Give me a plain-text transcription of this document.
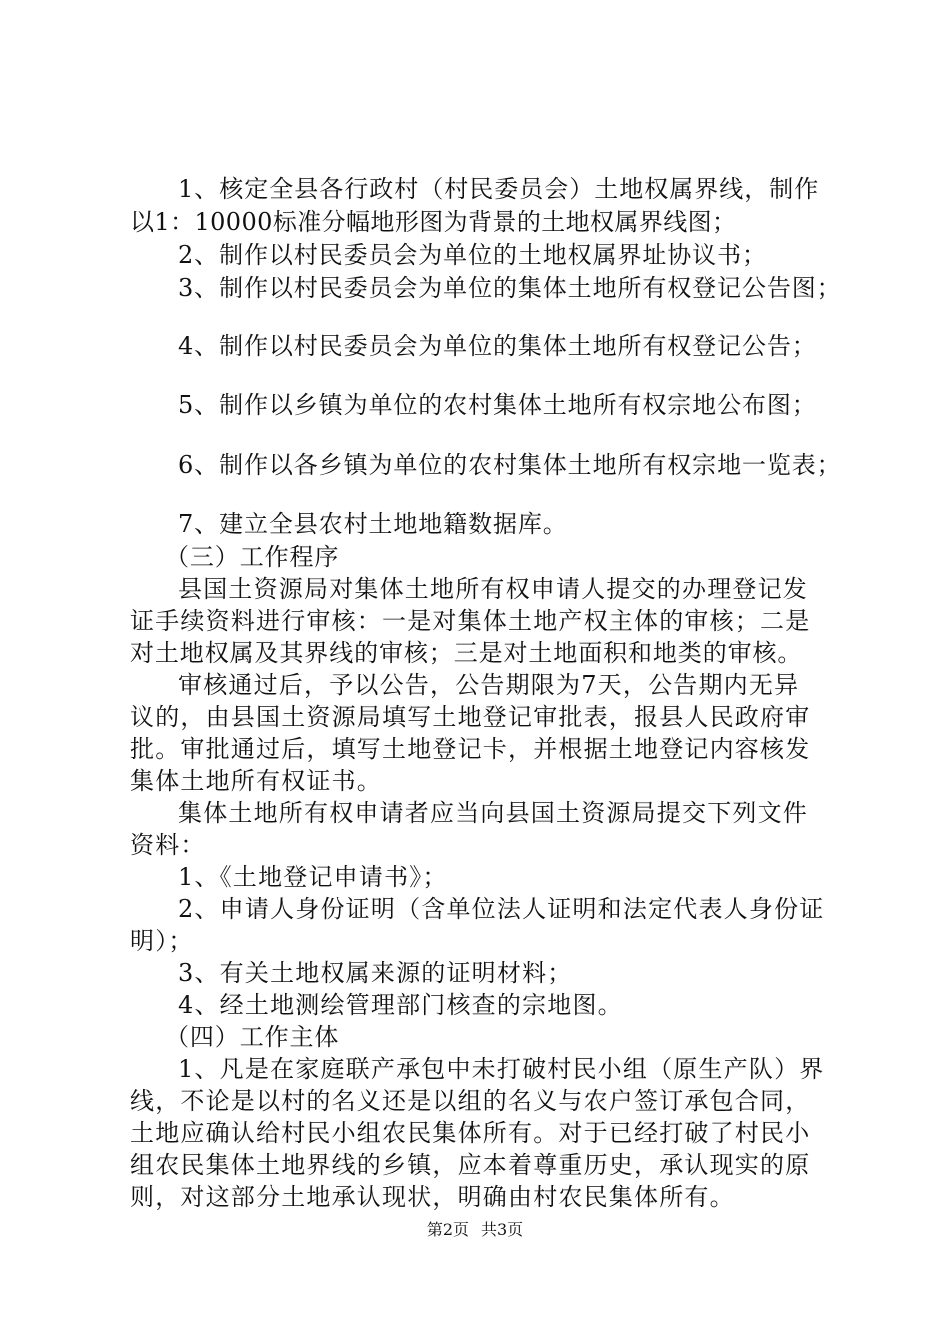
1、核定全县各行政村（村民委员会）土地权属界线，制作
以1：10000标准分幅地形图为背景的土地权属界线图；
2、制作以村民委员会为单位的土地权属界址协议书；
3、制作以村民委员会为单位的集体土地所有权登记公告图；
4、制作以村民委员会为单位的集体土地所有权登记公告；
5、制作以乡镇为单位的农村集体土地所有权宗地公布图；
6、制作以各乡镇为单位的农村集体土地所有权宗地一览表；
7、建立全县农村土地地籍数据库。
（三）工作程序
县国土资源局对集体土地所有权申请人提交的办理登记发
证手续资料进行审核：一是对集体土地产权主体的审核；二是
对土地权属及其界线的审核；三是对土地面积和地类的审核。
审核通过后，予以公告，公告期限为7天，公告期内无异
议的，由县国土资源局填写土地登记审批表，报县人民政府审
批。审批通过后，填写土地登记卡，并根据土地登记内容核发
集体土地所有权证书。
集体土地所有权申请者应当向县国土资源局提交下列文件
资料：
1、《土地登记申请书》；
2、申请人身份证明（含单位法人证明和法定代表人身份证
明）；
3、有关土地权属来源的证明材料；
4、经土地测绘管理部门核查的宗地图。
（四）工作主体
1、凡是在家庭联产承包中未打破村民小组（原生产队）界
线，不论是以村的名义还是以组的名义与农户签订承包合同，
土地应确认给村民小组农民集体所有。对于已经打破了村民小
组农民集体土地界线的乡镇，应本着尊重历史，承认现实的原
则，对这部分土地承认现状，明确由村农民集体所有。
第2页 共3页
